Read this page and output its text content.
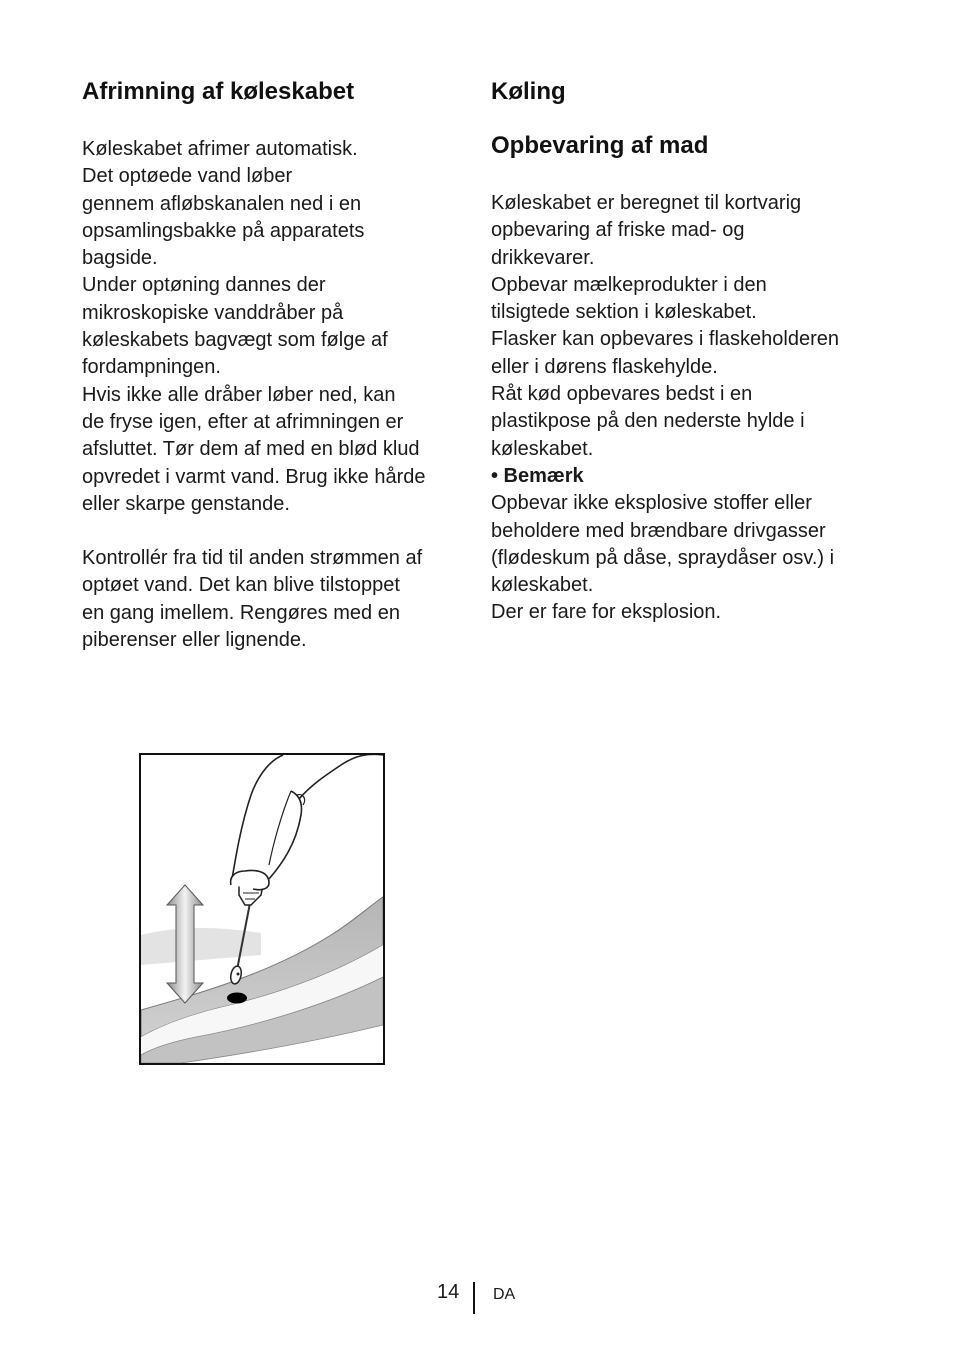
Afrimning af køleskabet

Køleskabet afrimer automatisk.
Det optøede vand løber
gennem afløbskanalen ned i en
opsamlingsbakke på apparatets
bagside.
Under optøning dannes der
mikroskopiske vanddråber på
køleskabets bagvægt som følge af
fordampningen.
Hvis ikke alle dråber løber ned, kan
de fryse igen, efter at afrimningen er
afsluttet. Tør dem af med en blød klud
opvredet i varmt vand. Brug ikke hårde
eller skarpe genstande.

Kontrollér fra tid til anden strømmen af
optøet vand. Det kan blive tilstoppet
en gang imellem. Rengøres med en
piberenser eller lignende.

Køling
Opbevaring af mad

Køleskabet er beregnet til kortvarig
opbevaring af friske mad- og
drikkevarer.
Opbevar mælkeprodukter i den
tilsigtede sektion i køleskabet.
Flasker kan opbevares i flaskeholderen
eller i dørens flaskehylde.
Råt kød opbevares bedst i en
plastikpose på den nederste hylde i
køleskabet.
• Bemærk
Opbevar ikke eksplosive stoffer eller
beholdere med brændbare drivgasser
(flødeskum på dåse, spraydåser osv.) i
køleskabet.
Der er fare for eksplosion.

14 DA
